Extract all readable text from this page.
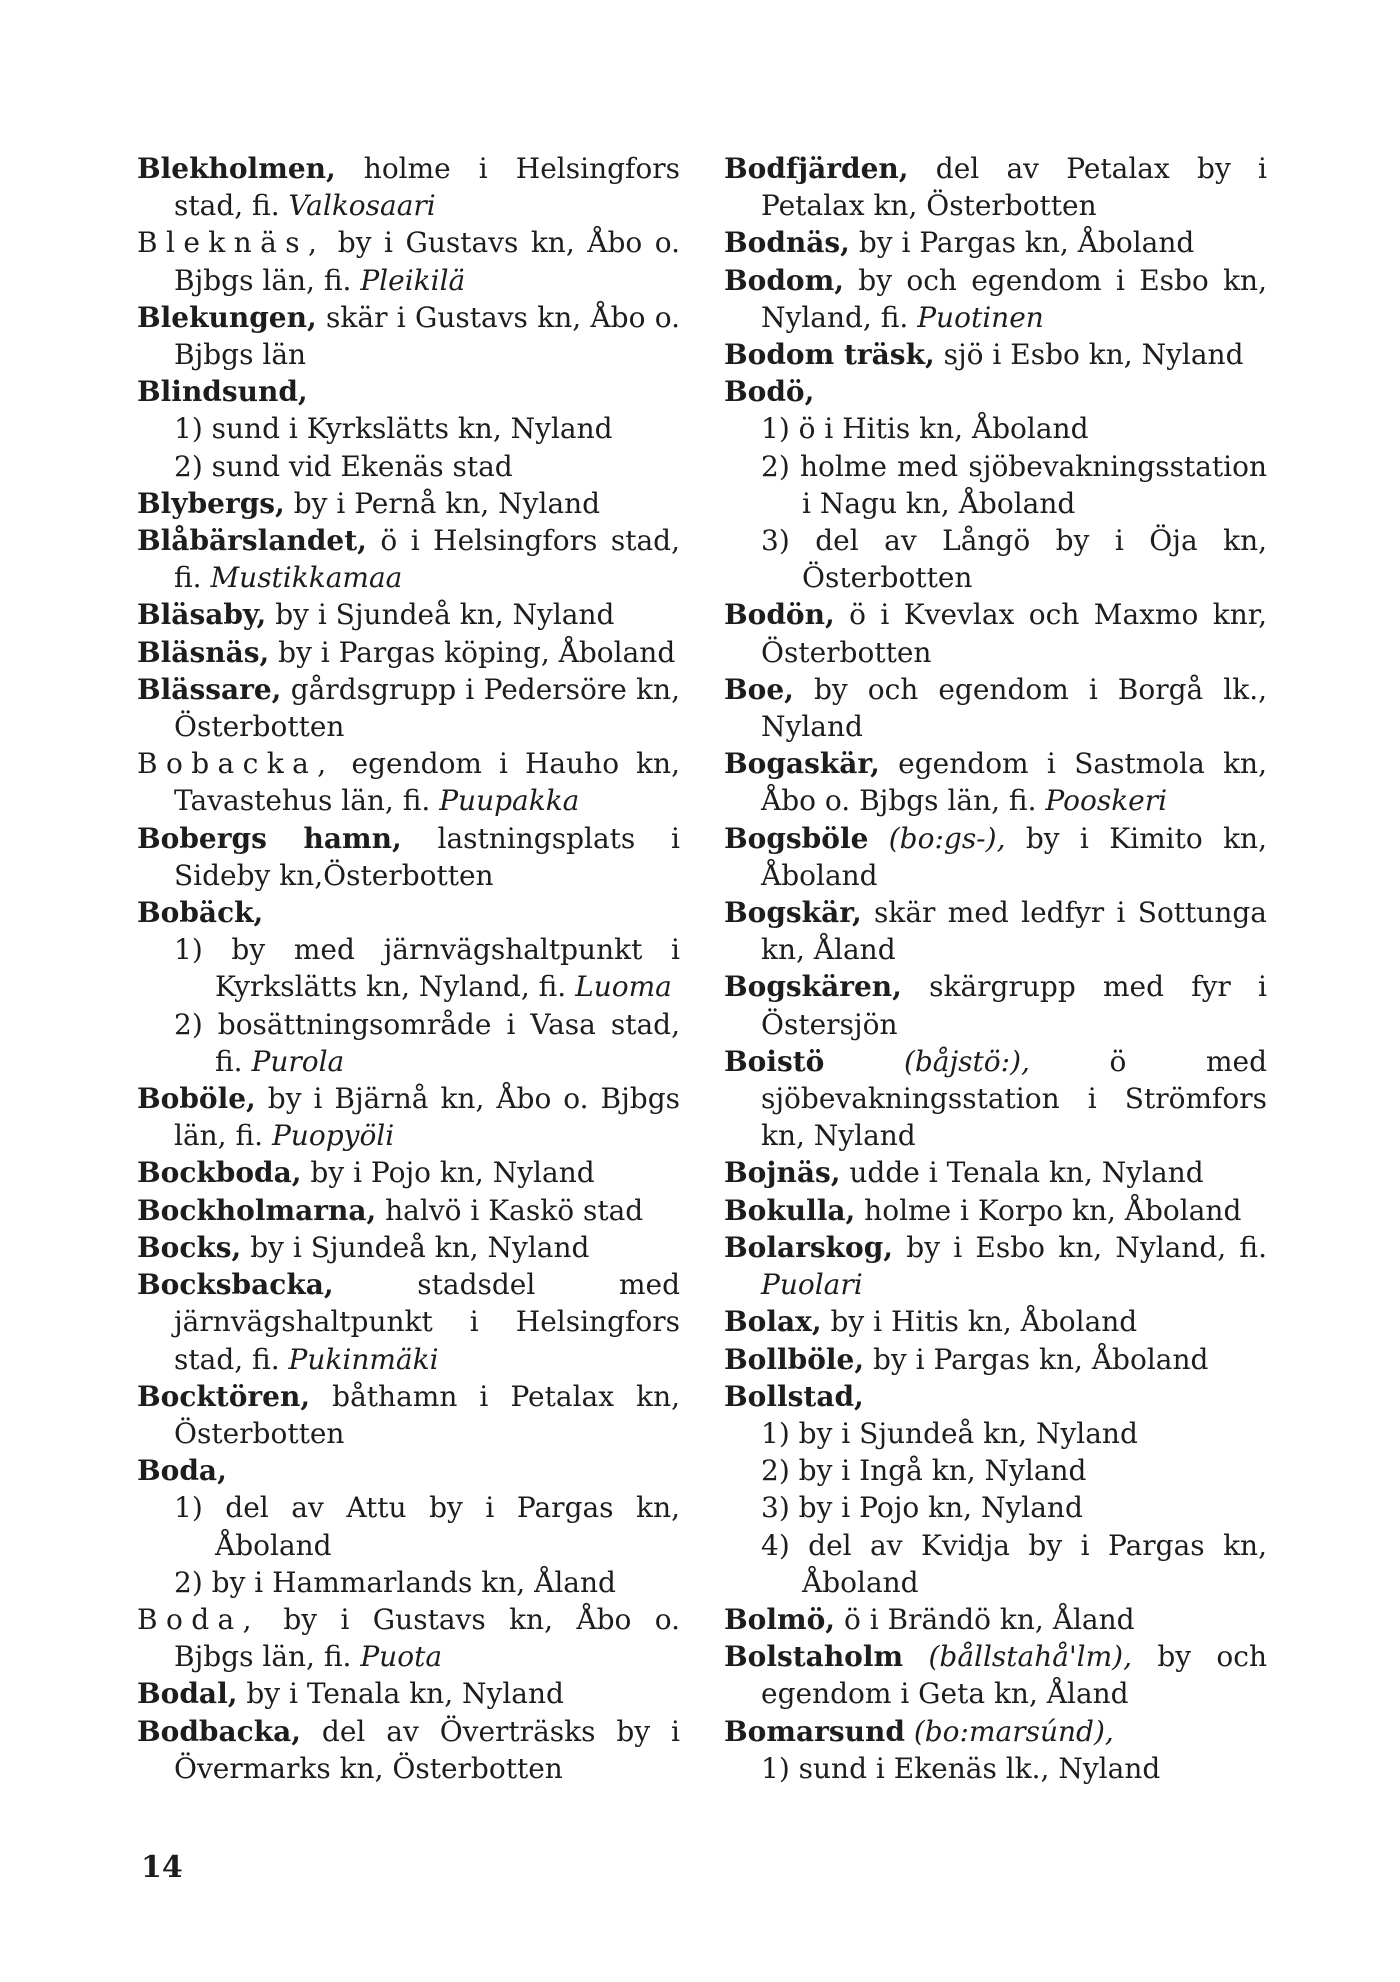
Blekholmen, holme i Helsingfors stad, fi. Valkosaari
Bleknäs, by i Gustavs kn, Åbo o. Bjbgs län, fi. Pleikilä
Blekungen, skär i Gustavs kn, Åbo o. Bjbgs län
Blindsund,
1) sund i Kyrkslätts kn, Nyland
2) sund vid Ekenäs stad
Blybergs, by i Pernå kn, Nyland
Blåbärslandet, ö i Helsingfors stad, fi. Mustikkamaa
Bläsaby, by i Sjundeå kn, Nyland
Bläsnäs, by i Pargas köping, Åboland
Blässare, gårdsgrupp i Pedersöre kn, Österbotten
Bobacka, egendom i Hauho kn, Tavastehus län, fi. Puupakka
Bobergs hamn, lastningsplats i Sideby kn,Österbotten
Bobäck,
1) by med järnvägshaltpunkt i Kyrkslätts kn, Nyland, fi. Luoma
2) bosättningsområde i Vasa stad, fi. Purola
Boböle, by i Bjärnå kn, Åbo o. Bjbgs län, fi. Puopyöli
Bockboda, by i Pojo kn, Nyland
Bockholmarna, halvö i Kaskö stad
Bocks, by i Sjundeå kn, Nyland
Bocksbacka,	stadsdel med järnvägshaltpunkt i Helsingfors stad, fi. Pukinmäki
Bocktören, båthamn i Petalax kn, Österbotten
Boda,
1) del av Attu by i Pargas kn, Åboland
2) by i Hammarlands kn, Åland
Boda, by i Gustavs kn, Åbo o. Bjbgs län, fi. Puota
Bodal, by i Tenala kn, Nyland
Bodbacka, del av Överträsks by i Övermarks kn, Österbotten
Bodfjärden, del av Petalax by i Petalax kn, Österbotten
Bodnäs, by i Pargas kn, Åboland
Bodom, by och egendom i Esbo kn, Nyland, fi. Puotinen
Bodom träsk, sjö i Esbo kn, Nyland
Bodö,
1) ö i Hitis kn, Åboland
2) holme med sjöbevakningsstation i Nagu kn, Åboland
3) del av Långö by i Öja kn, Österbotten
Bodön, ö i Kvevlax och Maxmo knr, Österbotten
Boe, by och egendom i Borgå lk., Nyland
Bogaskär, egendom i Sastmola kn, Åbo o. Bjbgs län, fi. Pooskeri
Bogsböle (bo:gs-), by i Kimito kn, Åboland
Bogskär, skär med ledfyr i Sottunga kn, Åland
Bogskären, skärgrupp med fyr i Östersjön
Boistö	(båjstö:),	ö med sjöbevakningsstation i Strömfors kn, Nyland
Bojnäs, udde i Tenala kn, Nyland
Bokulla, holme i Korpo kn, Åboland
Bolarskog, by i Esbo kn, Nyland, fi. Puolari
Bolax, by i Hitis kn, Åboland
Bollböle, by i Pargas kn, Åboland
Bollstad,
1) by i Sjundeå kn, Nyland
2) by i Ingå kn, Nyland
3) by i Pojo kn, Nyland
4) del av Kvidja by i Pargas kn, Åboland
Bolmö, ö i Brändö kn, Åland
Bolstaholm (bållstahå'lm), by och egendom i Geta kn, Åland
Bomarsund (bo:marsúnd),
1) sund i Ekenäs lk., Nyland
14
